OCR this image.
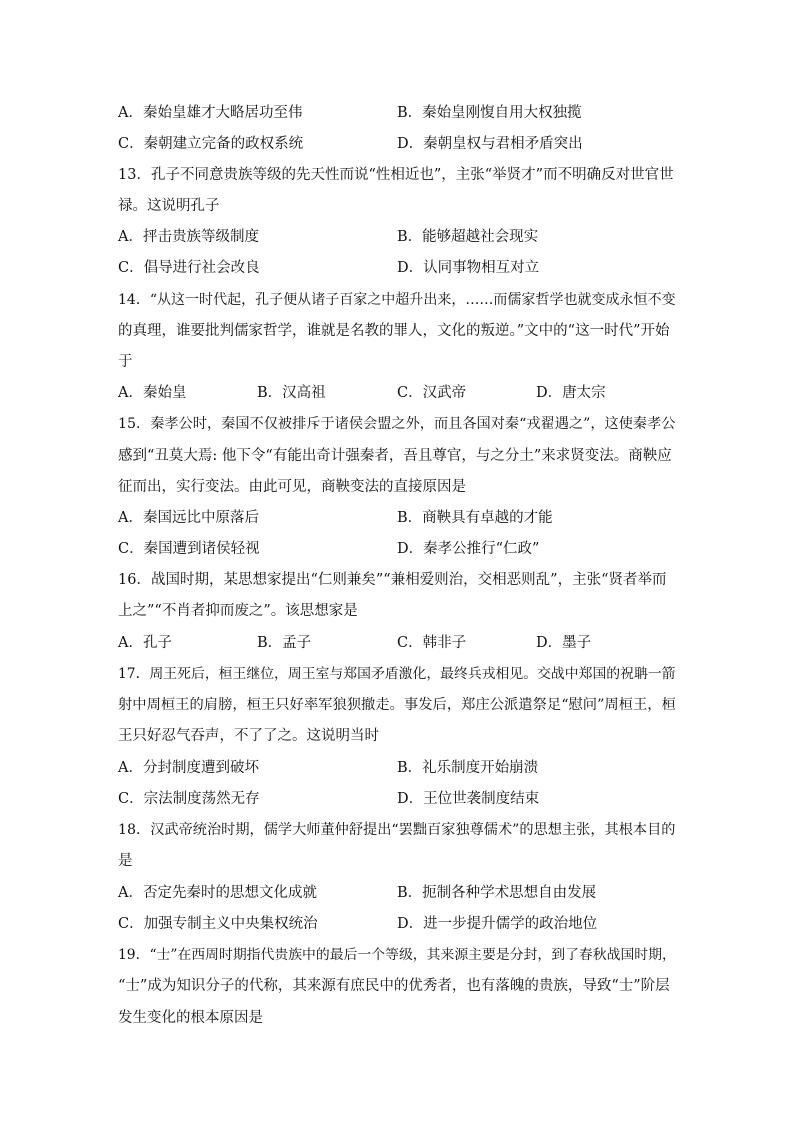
A．秦始皇雄才大略居功至伟	B．秦始皇刚愎自用大权独揽
C．秦朝建立完备的政权系统	D．秦朝皇权与君相矛盾突出
13．孔子不同意贵族等级的先天性而说“性相近也”，主张“举贤才”而不明确反对世官世
禄。这说明孔子
A．抨击贵族等级制度	B．能够超越社会现实
C．倡导进行社会改良	D．认同事物相互对立
14．“从这一时代起，孔子便从诸子百家之中超升出来，……而儒家哲学也就变成永恒不变
的真理，谁要批判儒家哲学，谁就是名教的罪人，文化的叛逆。”文中的“这一时代”开始
于
A．秦始皇	B．汉高祖	C．汉武帝	D．唐太宗
15．秦孝公时，秦国不仅被排斥于诸侯会盟之外，而且各国对秦“戎翟遇之”，这使秦孝公
感到“丑莫大焉: 他下令“有能出奇计强秦者，吾且尊官，与之分土”来求贤变法。商鞅应
征而出，实行变法。由此可见，商鞅变法的直接原因是
A．秦国远比中原落后	B．商鞅具有卓越的才能
C．秦国遭到诸侯轻视	D．秦孝公推行“仁政”
16．战国时期，某思想家提出“仁则兼矣”“兼相爱则治，交相恶则乱”，主张“贤者举而
上之”“不肖者抑而废之”。该思想家是
A．孔子	B．孟子	C．韩非子	D．墨子
17．周王死后，桓王继位，周王室与郑国矛盾激化，最终兵戎相见。交战中郑国的祝聃一箭
射中周桓王的肩膀，桓王只好率军狼狈撤走。事发后，郑庄公派遣祭足“慰问”周桓王，桓
王只好忍气吞声，不了了之。这说明当时
A．分封制度遭到破坏	B．礼乐制度开始崩溃
C．宗法制度荡然无存	D．王位世袭制度结束
18．汉武帝统治时期，儒学大师董仲舒提出“罢黜百家独尊儒术”的思想主张，其根本目的
是
A．否定先秦时的思想文化成就	B．扼制各种学术思想自由发展
C．加强专制主义中央集权统治	D．进一步提升儒学的政治地位
19．“士”在西周时期指代贵族中的最后一个等级，其来源主要是分封，到了春秋战国时期，
“士”成为知识分子的代称，其来源有庶民中的优秀者，也有落魄的贵族，导致“士”阶层
发生变化的根本原因是
